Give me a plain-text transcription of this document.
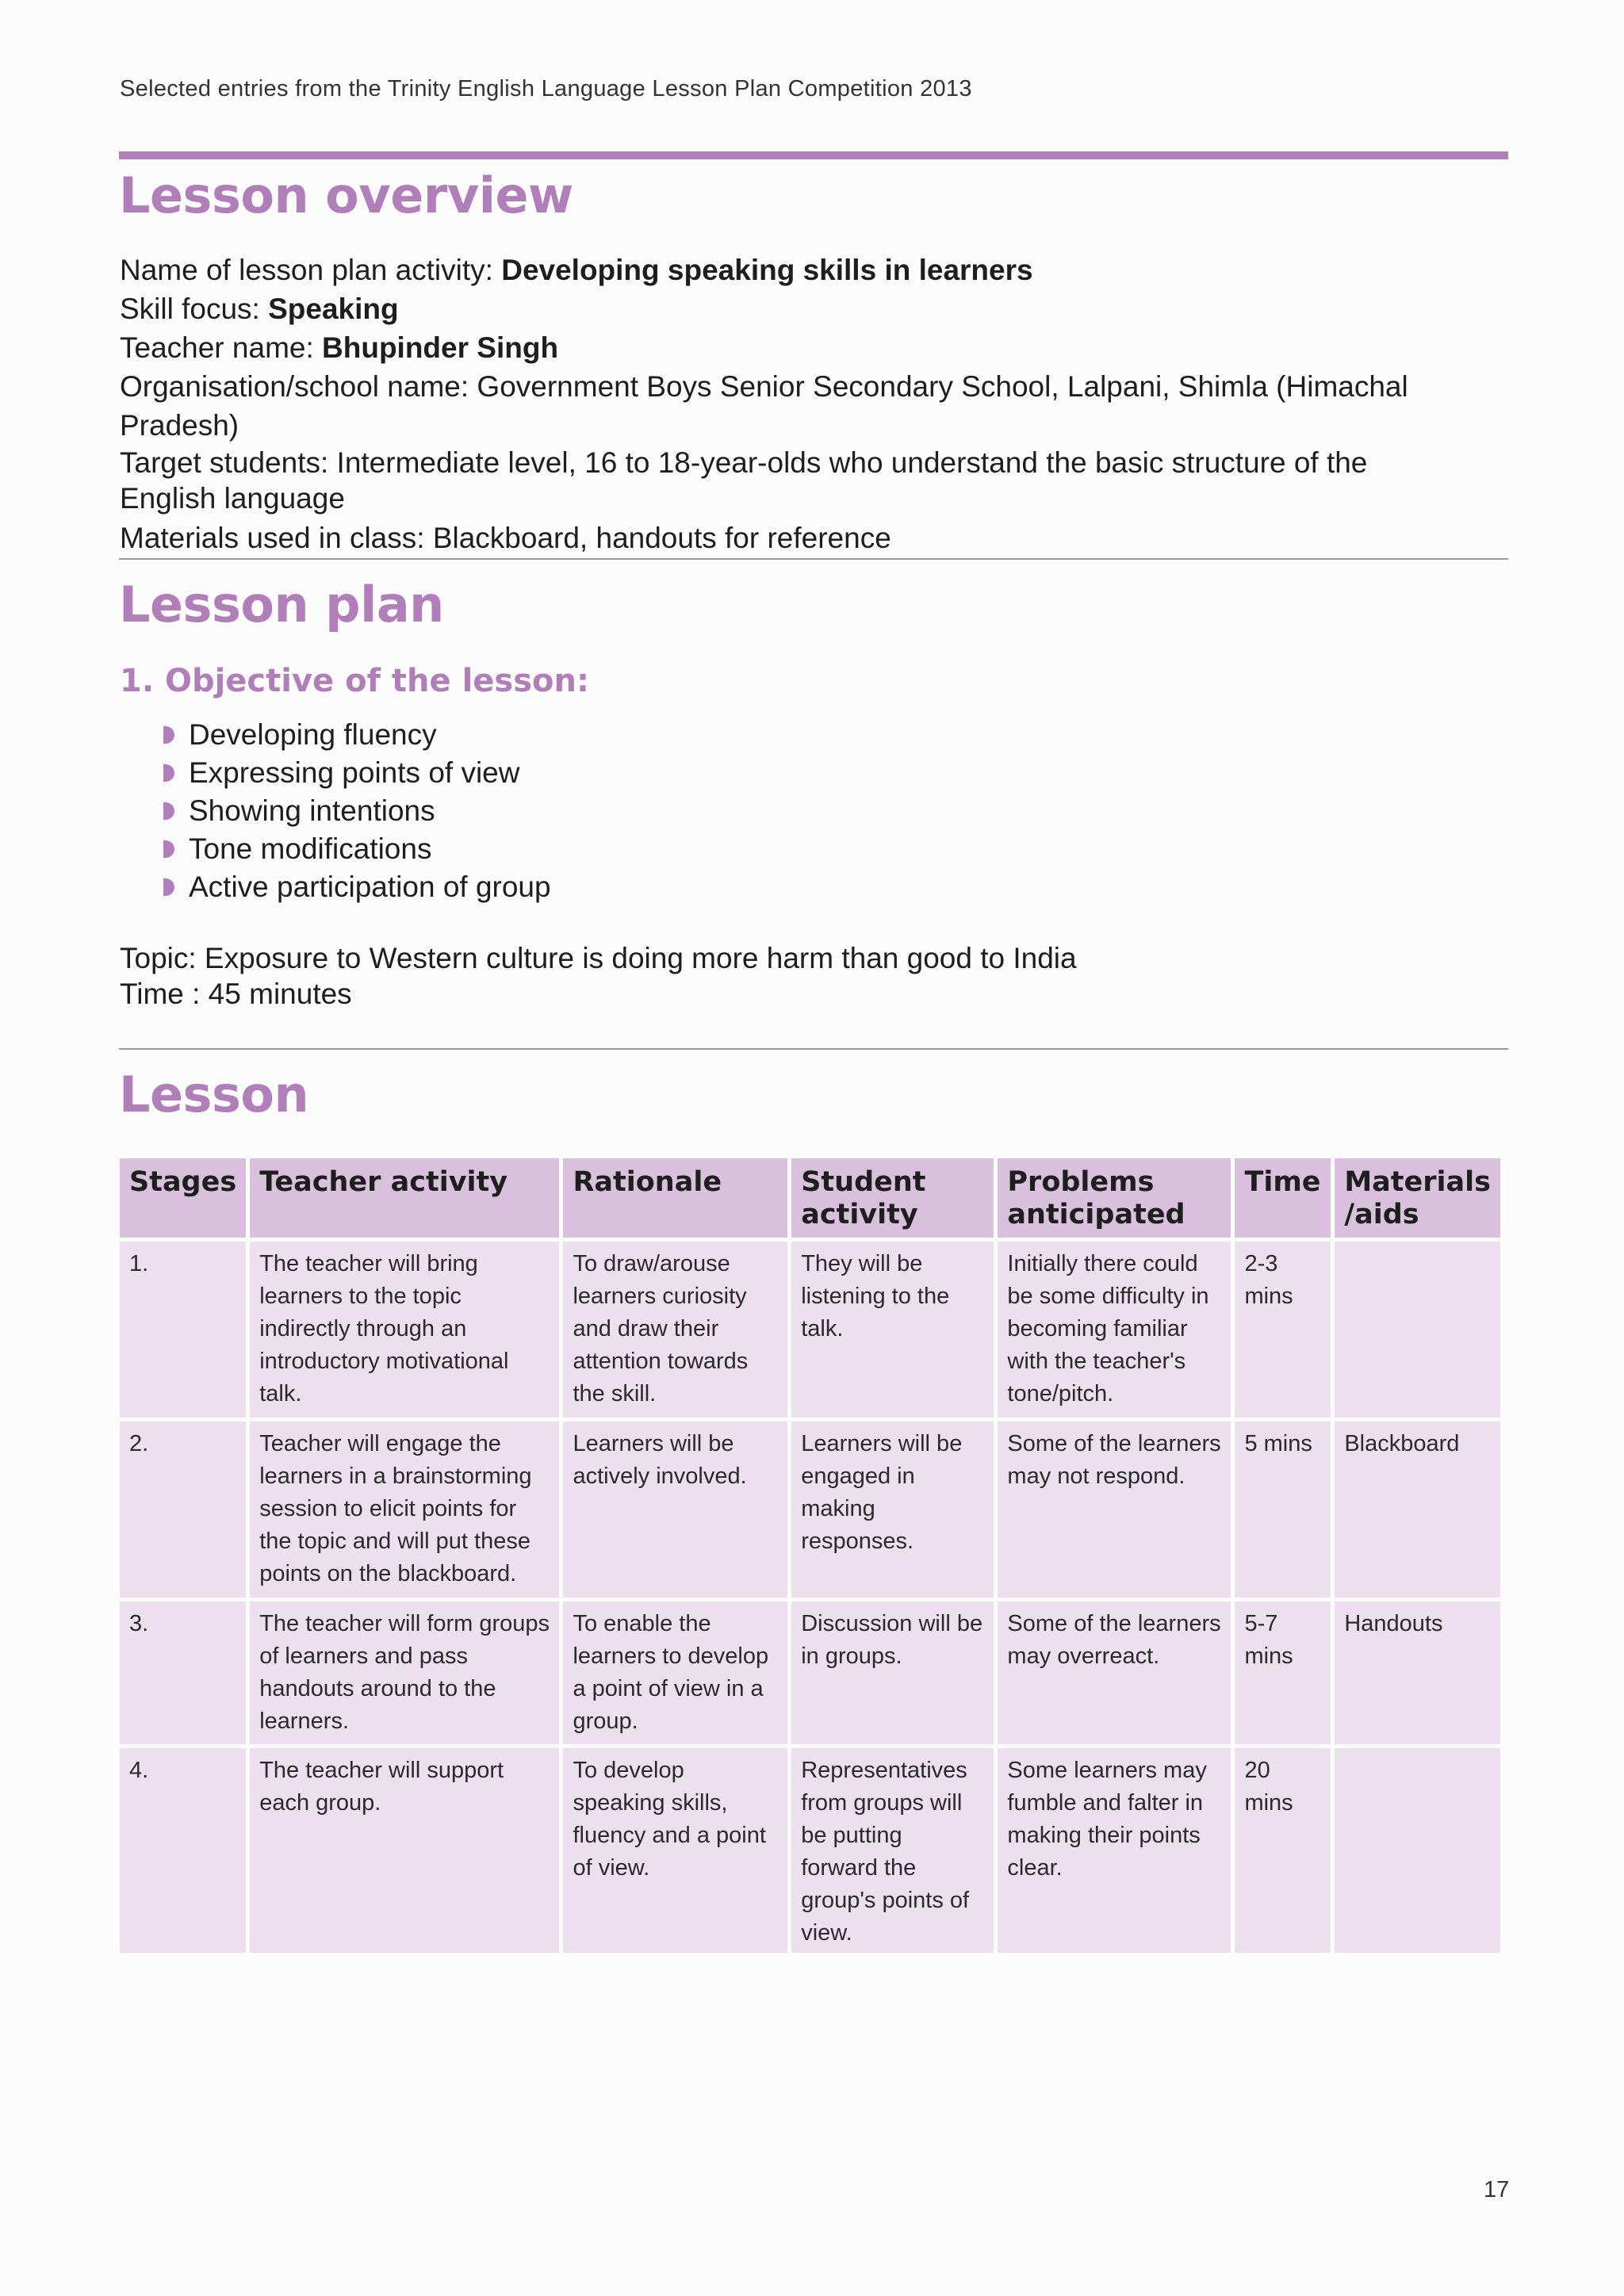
Selected entries from the Trinity English Language Lesson Plan Competition 2013
Lesson overview
Name of lesson plan activity: Developing speaking skills in learners
Skill focus: Speaking
Teacher name: Bhupinder Singh
Organisation/school name: Government Boys Senior Secondary School, Lalpani, Shimla (Himachal Pradesh)
Target students: Intermediate level, 16 to 18-year-olds who understand the basic structure of the
English language
Materials used in class: Blackboard, handouts for reference
Lesson plan
1. Objective of the lesson:
Developing fluency
Expressing points of view
Showing intentions
Tone modifications
Active participation of group
Topic: Exposure to Western culture is doing more harm than good to India
Time : 45 minutes
Lesson
Stages	Teacher activity	Rationale	Student activity	Problems anticipated	Time	Materials /aids
1.	The teacher will bring learners to the topic indirectly through an introductory motivational talk.	To draw/arouse learners curiosity and draw their attention towards the skill.	They will be listening to the talk.	Initially there could be some difficulty in becoming familiar with the teacher's tone/pitch.	2-3 mins	
2.	Teacher will engage the learners in a brainstorming session to elicit points for the topic and will put these points on the blackboard.	Learners will be actively involved.	Learners will be engaged in making responses.	Some of the learners may not respond.	5 mins	Blackboard
3.	The teacher will form groups of learners and pass handouts around to the learners.	To enable the learners to develop a point of view in a group.	Discussion will be in groups.	Some of the learners may overreact.	5-7 mins	Handouts
4.	The teacher will support each group.	To develop speaking skills, fluency and a point of view.	Representatives from groups will be putting forward the group's points of view.	Some learners may fumble and falter in making their points clear.	20 mins	
17
